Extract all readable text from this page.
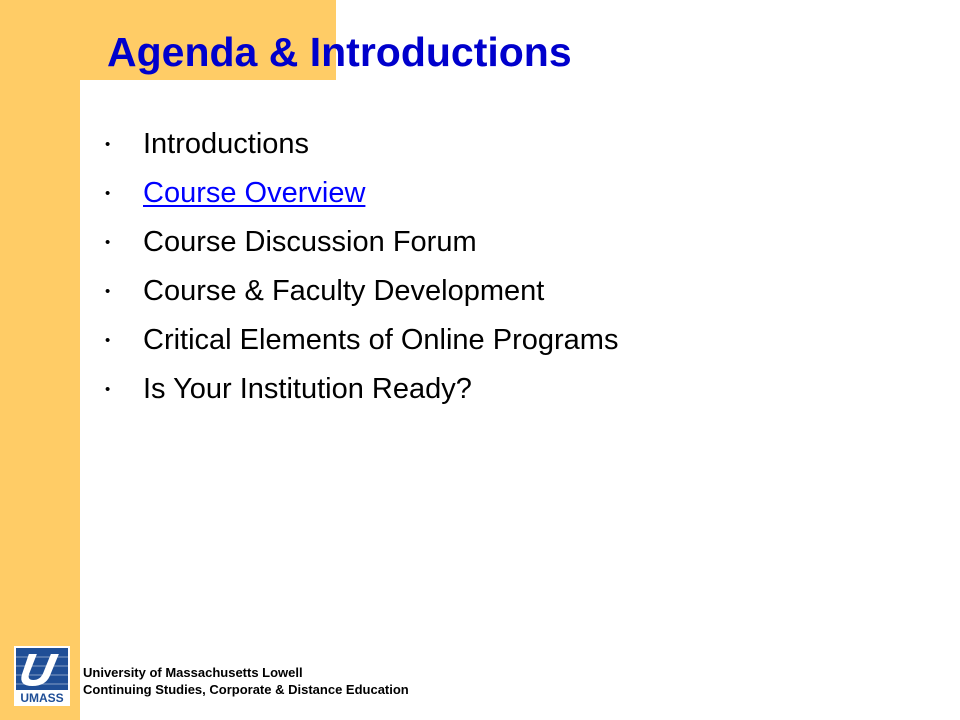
Agenda & Introductions
•	Introductions
•	Course Overview
•	Course Discussion Forum
•	Course & Faculty Development
•	Critical Elements of Online Programs
•	Is Your Institution Ready?
UMASS
University of Massachusetts Lowell
Continuing Studies, Corporate & Distance Education
